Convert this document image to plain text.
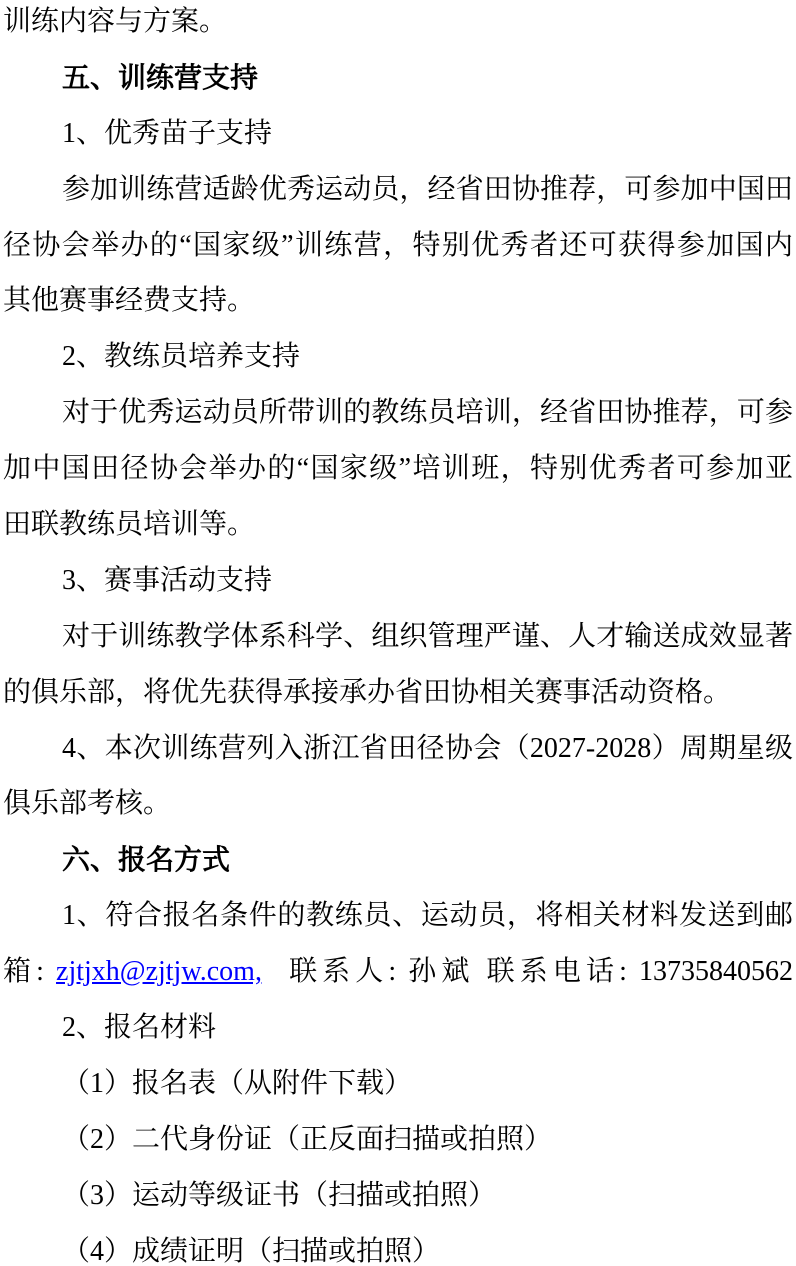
训练内容与方案。
五、训练营支持
1、优秀苗子支持
参加训练营适龄优秀运动员，经省田协推荐，可参加中国田
径协会举办的“国家级”训练营，特别优秀者还可获得参加国内
其他赛事经费支持。
2、教练员培养支持
对于优秀运动员所带训的教练员培训，经省田协推荐，可参
加中国田径协会举办的“国家级”培训班，特别优秀者可参加亚
田联教练员培训等。
3、赛事活动支持
对于训练教学体系科学、组织管理严谨、人才输送成效显著
的俱乐部，将优先获得承接承办省田协相关赛事活动资格。
4、本次训练营列入浙江省田径协会（2027-2028）周期星级
俱乐部考核。
六、报名方式
1、符合报名条件的教练员、运动员，将相关材料发送到邮
箱: zjtjxh@zjtjw.com, 联系人: 孙斌 联系电话: 13735840562
2、报名材料
（1）报名表（从附件下载）
（2）二代身份证（正反面扫描或拍照）
（3）运动等级证书（扫描或拍照）
（4）成绩证明（扫描或拍照）
